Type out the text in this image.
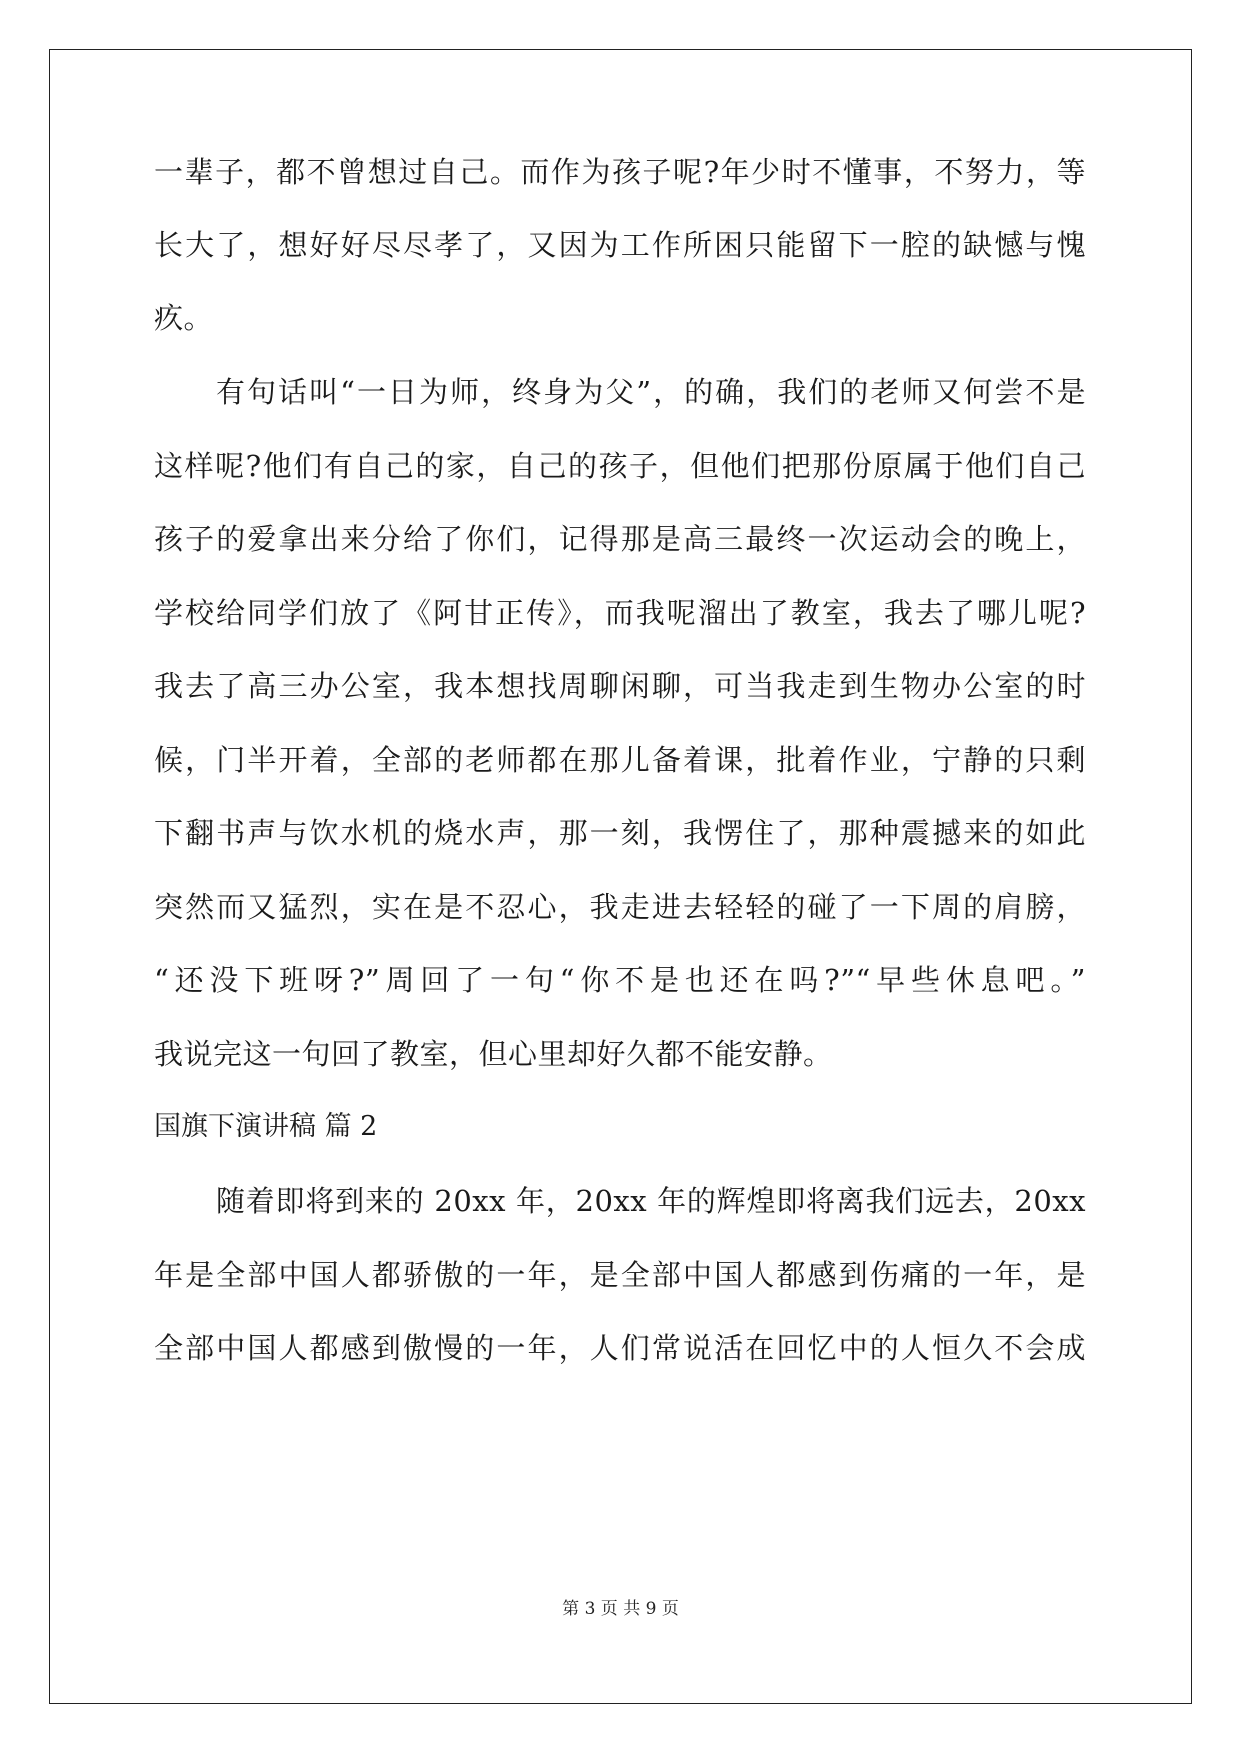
一辈子，都不曾想过自己。而作为孩子呢?年少时不懂事，不努力，等
长大了，想好好尽尽孝了，又因为工作所困只能留下一腔的缺憾与愧
疚。
有句话叫“一日为师，终身为父”，的确，我们的老师又何尝不是
这样呢?他们有自己的家，自己的孩子，但他们把那份原属于他们自己
孩子的爱拿出来分给了你们，记得那是高三最终一次运动会的晚上，
学校给同学们放了《阿甘正传》，而我呢溜出了教室，我去了哪儿呢?
我去了高三办公室，我本想找周聊闲聊，可当我走到生物办公室的时
候，门半开着，全部的老师都在那儿备着课，批着作业，宁静的只剩
下翻书声与饮水机的烧水声，那一刻，我愣住了，那种震撼来的如此
突然而又猛烈，实在是不忍心，我走进去轻轻的碰了一下周的肩膀，
“还没下班呀?”周回了一句“你不是也还在吗?”“早些休息吧。”
我说完这一句回了教室，但心里却好久都不能安静。
国旗下演讲稿 篇 2
随着即将到来的 20xx 年，20xx 年的辉煌即将离我们远去，20xx
年是全部中国人都骄傲的一年，是全部中国人都感到伤痛的一年，是
全部中国人都感到傲慢的一年，人们常说活在回忆中的人恒久不会成
第 3 页 共 9 页
